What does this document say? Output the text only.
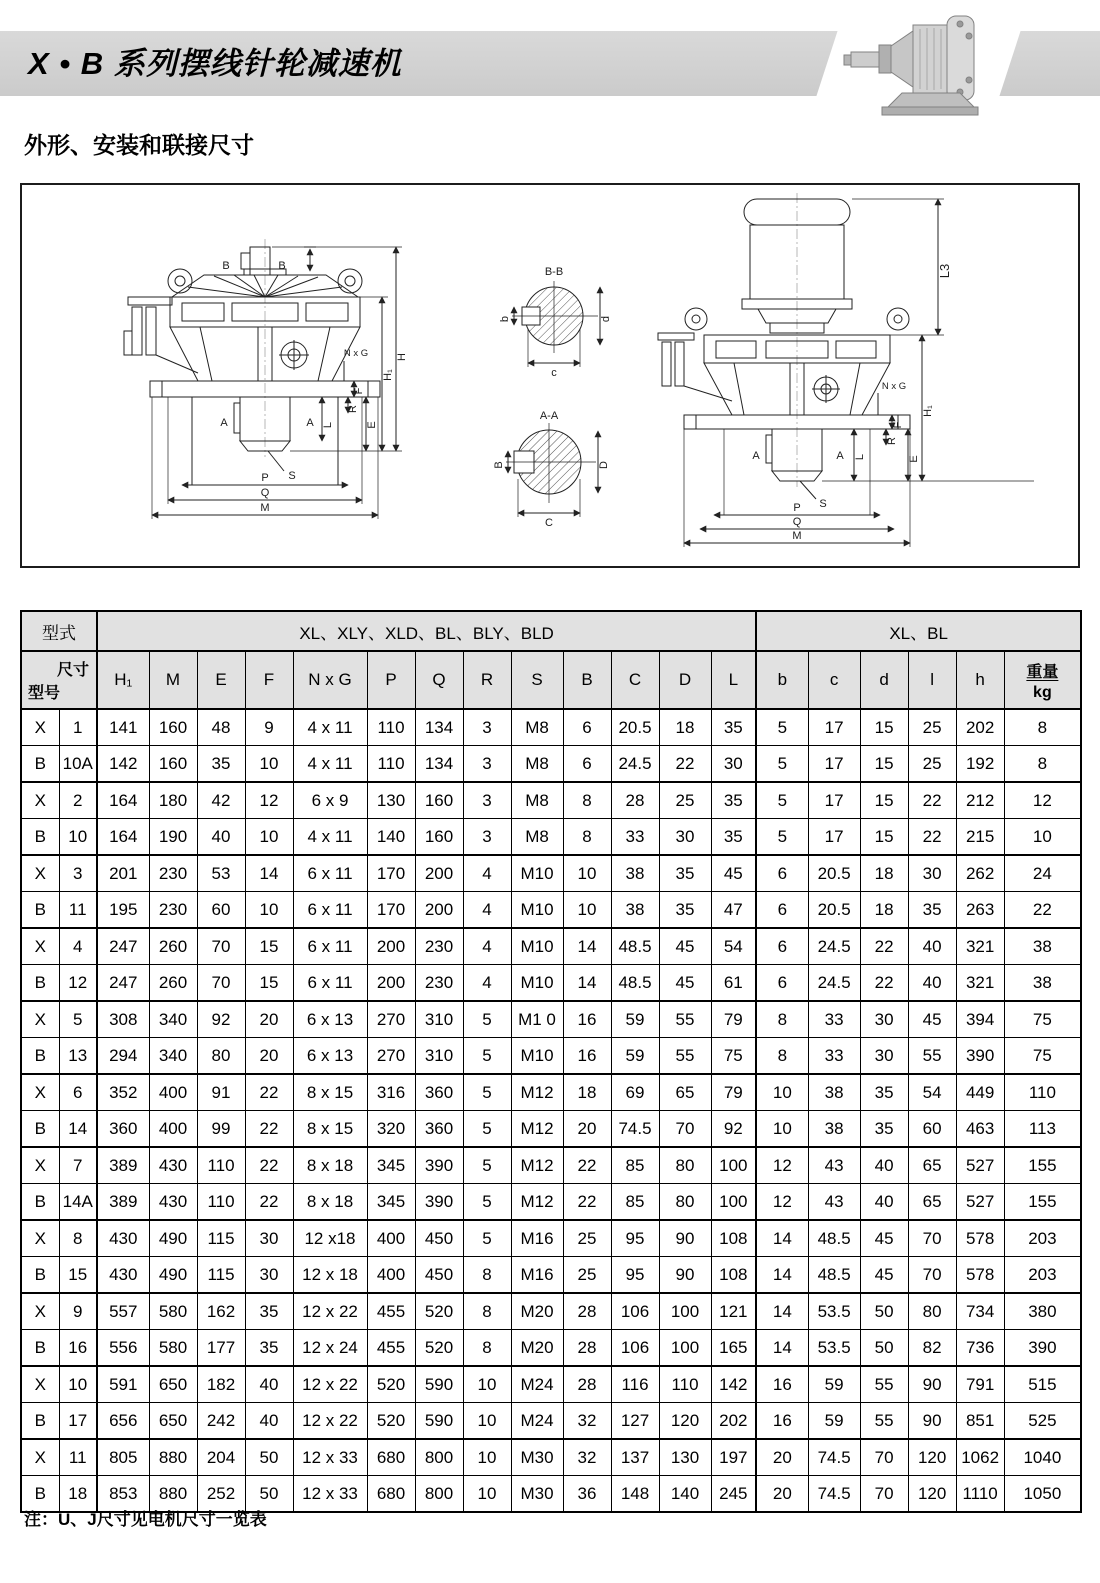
X • B 系列摆线针轮减速机
外形、安装和联接尺寸
B	B
N x G
F
R
E
H₁
H
A	A L
S
P
Q
M
B-B
b	d
c
A-A
B	D
C
N x G
F
R
E
H₁
L3
A	A L
S
P
Q
M
型式		XL、XLY、XLD、BL、BLY、BLD													XL、BL					

尺寸
型号		H₁	M	E	F	N x G	P	Q	R	S	B	C	D	L	b	c	d	l	h	重量
kg

X	1	141	160	48	9	4 x 11	110	134	3	M8	6	20.5	18	35	5	17	15	25	202	8
B	10A	142	160	35	10	4 x 11	110	134	3	M8	6	24.5	22	30	5	17	15	25	192	8
X	2	164	180	42	12	6 x 9	130	160	3	M8	8	28	25	35	5	17	15	22	212	12
B	10	164	190	40	10	4 x 11	140	160	3	M8	8	33	30	35	5	17	15	22	215	10
X	3	201	230	53	14	6 x 11	170	200	4	M10	10	38	35	45	6	20.5	18	30	262	24
B	11	195	230	60	10	6 x 11	170	200	4	M10	10	38	35	47	6	20.5	18	35	263	22
X	4	247	260	70	15	6 x 11	200	230	4	M10	14	48.5	45	54	6	24.5	22	40	321	38
B	12	247	260	70	15	6 x 11	200	230	4	M10	14	48.5	45	61	6	24.5	22	40	321	38
X	5	308	340	92	20	6 x 13	270	310	5	M1 0	16	59	55	79	8	33	30	45	394	75
B	13	294	340	80	20	6 x 13	270	310	5	M10	16	59	55	75	8	33	30	55	390	75
X	6	352	400	91	22	8 x 15	316	360	5	M12	18	69	65	79	10	38	35	54	449	110
B	14	360	400	99	22	8 x 15	320	360	5	M12	20	74.5	70	92	10	38	35	60	463	113
X	7	389	430	110	22	8 x 18	345	390	5	M12	22	85	80	100	12	43	40	65	527	155
B	14A	389	430	110	22	8 x 18	345	390	5	M12	22	85	80	100	12	43	40	65	527	155
X	8	430	490	115	30	12 x18	400	450	5	M16	25	95	90	108	14	48.5	45	70	578	203
B	15	430	490	115	30	12 x 18	400	450	8	M16	25	95	90	108	14	48.5	45	70	578	203
X	9	557	580	162	35	12 x 22	455	520	8	M20	28	106	100	121	14	53.5	50	80	734	380
B	16	556	580	177	35	12 x 24	455	520	8	M20	28	106	100	165	14	53.5	50	82	736	390
X	10	591	650	182	40	12 x 22	520	590	10	M24	28	116	110	142	16	59	55	90	791	515
B	17	656	650	242	40	12 x 22	520	590	10	M24	32	127	120	202	16	59	55	90	851	525
X	11	805	880	204	50	12 x 33	680	800	10	M30	32	137	130	197	20	74.5	70	120	1062	1040
B	18	853	880	252	50	12 x 33	680	800	10	M30	36	148	140	245	20	74.5	70	120	1110	1050
注：U、J尺寸见电机尺寸一览表
